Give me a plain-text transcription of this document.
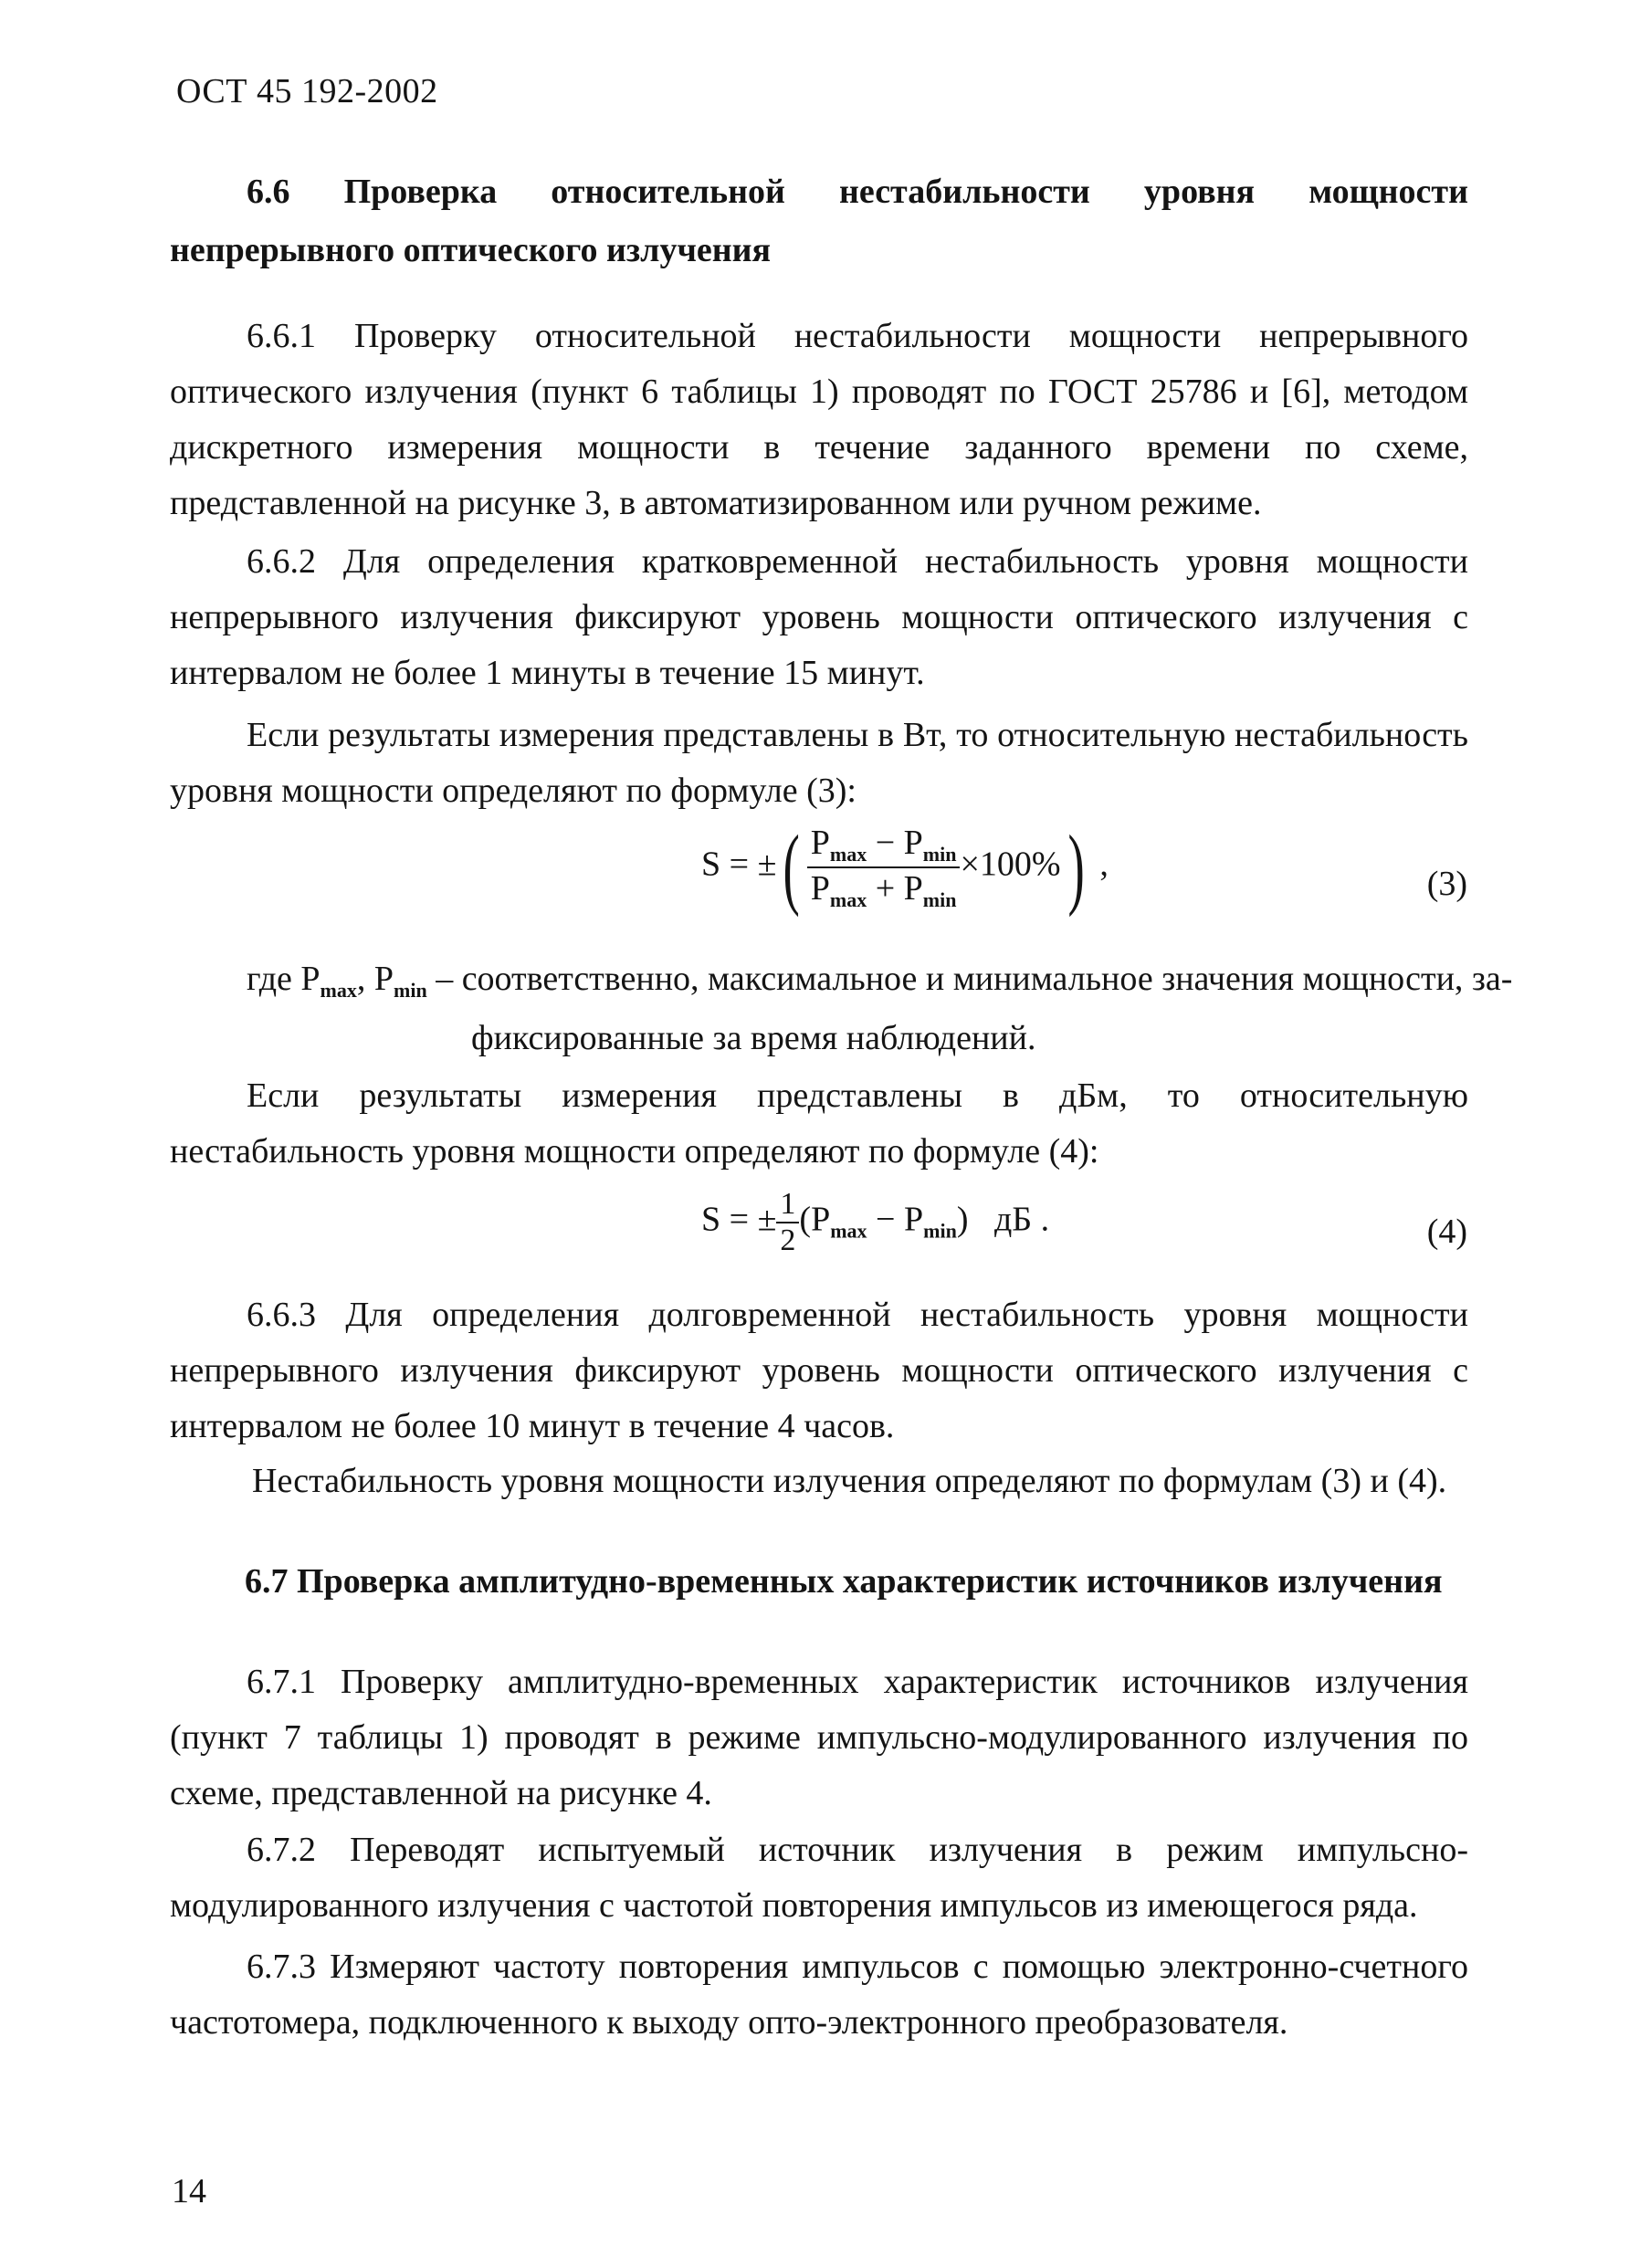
ОСТ 45 192-2002
6.6 Проверка относительной нестабильности уровня мощности непрерывного оптического излучения
6.6.1 Проверку относительной нестабильности мощности непрерывного оптического излучения (пункт 6 таблицы 1) проводят по ГОСТ 25786 и [6], методом дискретного измерения мощности в течение заданного времени по схеме, представленной на рисунке 3, в автоматизированном или ручном режиме.
6.6.2 Для определения кратковременной нестабильность уровня мощности непрерывного излучения фиксируют уровень мощности оптического излучения с интервалом не более 1 минуты в течение 15 минут.
Если результаты измерения представлены в Вт, то относительную нестабильность уровня мощности определяют по формуле (3):
S = ±( $\frac{P_{max} - P_{min}}{P_{max} + P_{min}} \times 100\%$) ,
(3)
где $P_{max}$, $P_{min}$ – соответственно, максимальное и минимальное значения мощности, за-
фиксированные за время наблюдений.
Если результаты измерения представлены в дБм, то относительную нестабильность уровня мощности определяют по формуле (4):
S = ± $\frac{1}{2} (P_{max} - P_{min})$ дБ .	(4)
6.6.3 Для определения долговременной нестабильность уровня мощности непрерывного излучения фиксируют уровень мощности оптического излучения с интервалом не более 10 минут в течение 4 часов.
Нестабильность уровня мощности излучения определяют по формулам (3) и (4).
6.7 Проверка амплитудно-временных характеристик источников излучения
6.7.1 Проверку амплитудно-временных характеристик источников излучения (пункт 7 таблицы 1) проводят в режиме импульсно-модулированного излучения по схеме, представленной на рисунке 4.
6.7.2 Переводят испытуемый источник излучения в режим импульсно-модулированного излучения с частотой повторения импульсов из имеющегося ряда.
6.7.3 Измеряют частоту повторения импульсов с помощью электронно-счетного частотомера, подключенного к выходу опто-электронного преобразователя.
14
